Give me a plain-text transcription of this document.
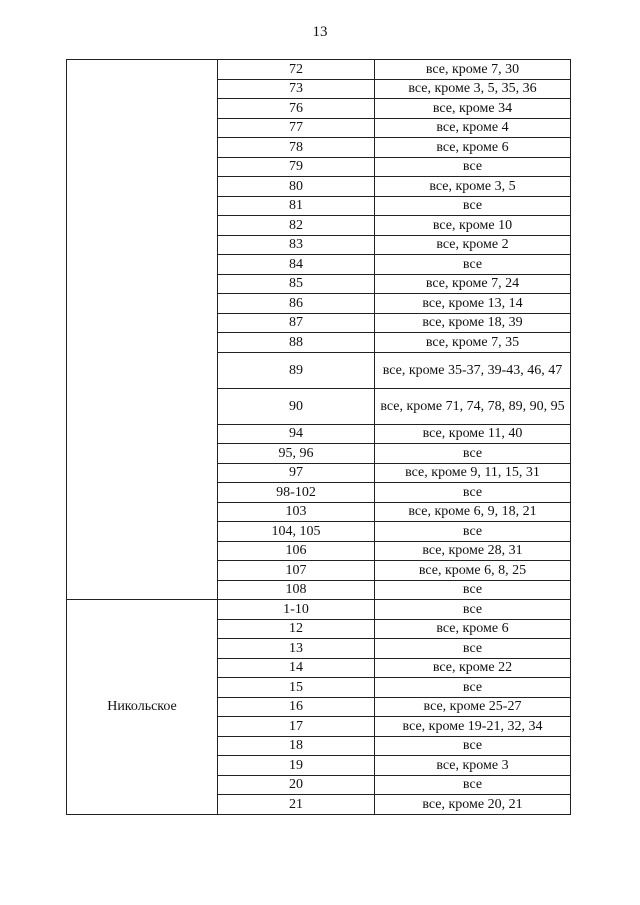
13
	72	все, кроме 7, 30
	73	все, кроме 3, 5, 35, 36
	76	все, кроме 34
	77	все, кроме 4
	78	все, кроме 6
	79	все
	80	все, кроме 3, 5
	81	все
	82	все, кроме 10
	83	все, кроме 2
	84	все
	85	все, кроме 7, 24
	86	все, кроме 13, 14
	87	все, кроме 18, 39
	88	все, кроме 7, 35
	89	все, кроме 35-37, 39-43, 46, 47
	90	все, кроме 71, 74, 78, 89, 90, 95
	94	все, кроме 11, 40
	95, 96	все
	97	все, кроме 9, 11, 15, 31
	98-102	все
	103	все, кроме 6, 9, 18, 21
	104, 105	все
	106	все, кроме 28, 31
	107	все, кроме 6, 8, 25
	108	все
Никольское	1-10	все
	12	все, кроме 6
	13	все
	14	все, кроме 22
	15	все
	16	все, кроме 25-27
	17	все, кроме 19-21, 32, 34
	18	все
	19	все, кроме 3
	20	все
	21	все, кроме 20, 21
